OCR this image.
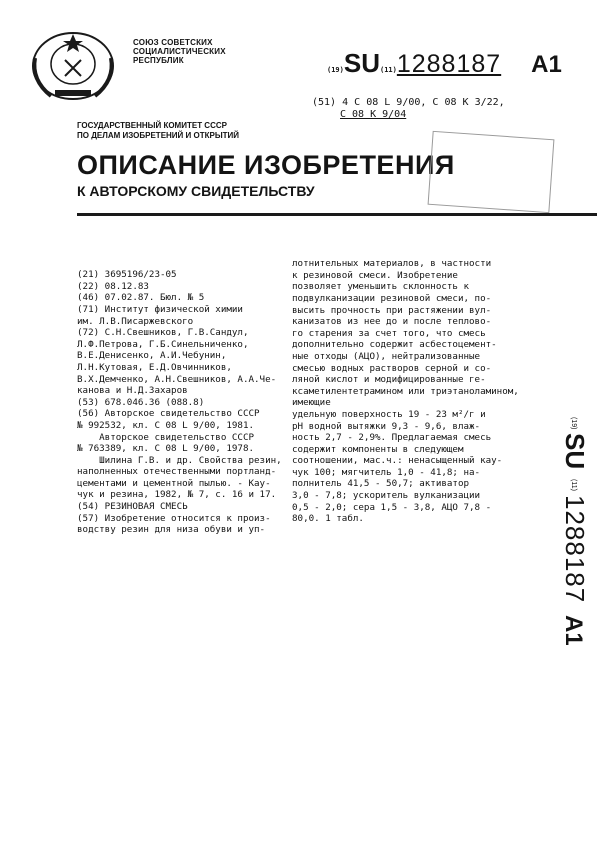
СОЮЗ СОВЕТСКИХ
СОЦИАЛИСТИЧЕСКИХ
РЕСПУБЛИК
(19)SU(11)1288187 A1
(51) 4 C 08 L 9/00, C 08 K 3/22,
C 08 K 9/04
ГОСУДАРСТВЕННЫЙ КОМИТЕТ СССР
ПО ДЕЛАМ ИЗОБРЕТЕНИЙ И ОТКРЫТИЙ
ОПИСАНИЕ ИЗОБРЕТЕНИЯ
К АВТОРСКОМУ СВИДЕТЕЛЬСТВУ

(21) 3695196/23-05
(22) 08.12.83
(46) 07.02.87. Бюл. № 5
(71) Институт физической химии
им. Л.В.Писаржевского
(72) С.Н.Свешников, Г.В.Сандул,
Л.Ф.Петрова, Г.Б.Синельниченко,
В.Е.Денисенко, А.И.Чебунин,
Л.Н.Кутовая, Е.Д.Овчинников,
В.Х.Демченко, А.Н.Свешников, А.А.Че-
канова и Н.Д.Захаров
(53) 678.046.36 (088.8)
(56) Авторское свидетельство СССР
№ 992532, кл. C 08 L 9/00, 1981.
Авторское свидетельство СССР
№ 763389, кл. C 08 L 9/00, 1978.
Шилина Г.В. и др. Свойства резин,
наполненных отечественными портланд-
цементами и цементной пылью. - Кау-
чук и резина, 1982, № 7, с. 16 и 17.
(54) РЕЗИНОВАЯ СМЕСЬ
(57) Изобретение относится к произ-
водству резин для низа обуви и уп-

лотнительных материалов, в частности
к резиновой смеси. Изобретение
позволяет уменьшить склонность к
подвулканизации резиновой смеси, по-
высить прочность при растяжении вул-
канизатов из нее до и после теплово-
го старения за счет того, что смесь
дополнительно содержит асбестоцемент-
ные отходы (АЦО), нейтрализованные
смесью водных растворов серной и со-
ляной кислот и модифицированные ге-
ксаметилентетрамином или триэтаноламином,
имеющие
удельную поверхность 19 - 23 м²/г и
pH водной вытяжки 9,3 - 9,6, влаж-
ность 2,7 - 2,9%. Предлагаемая смесь
содержит компоненты в следующем
соотношении, мас.ч.: ненасыщенный кау-
чук 100; мягчитель 1,0 - 41,8; на-
полнитель 41,5 - 50,7; активатор
3,0 - 7,8; ускоритель вулканизации
0,5 - 2,0; сера 1,5 - 3,8, АЦО 7,8 -
80,0. 1 табл.

(19)
SU
(11)
1288187
A1
